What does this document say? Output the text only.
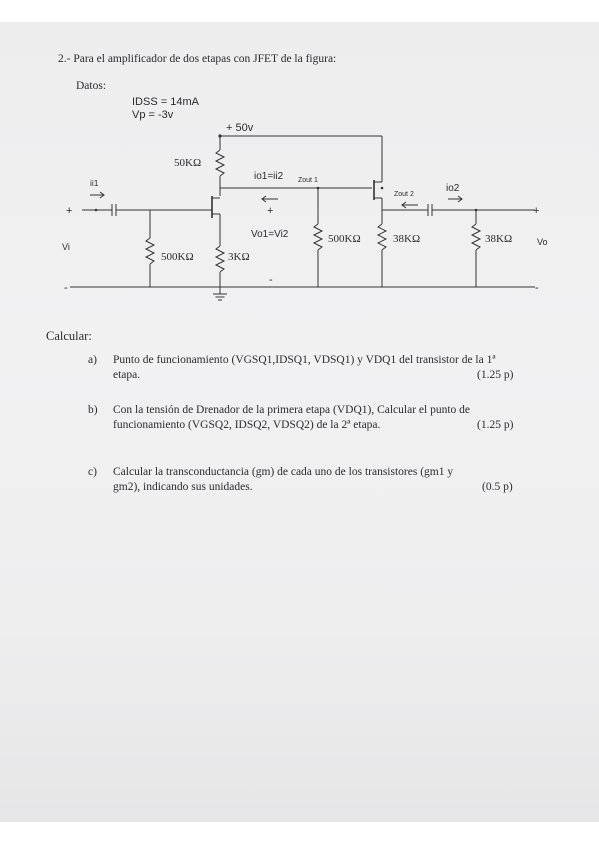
2.- Para el amplificador de dos etapas con JFET de la figura:
Datos:
IDSS = 14mA
Vp = -3v
+ 50v
50KΩ
500KΩ	3KΩ
500KΩ	38KΩ	38KΩ
ii1
io1=ii2 Zout 1
Zout 2
io2
Vo1=Vi2
Vi	Vo
+
-
+
-
+
-
Calcular:
a) Punto de funcionamiento (VGSQ1,IDSQ1, VDSQ1) y VDQ1 del transistor de la 1ª
etapa.	(1.25 p)
b) Con la tensión de Drenador de la primera etapa (VDQ1), Calcular el punto de
funcionamiento (VGSQ2, IDSQ2, VDSQ2) de la 2ª etapa.	(1.25 p)
c) Calcular la transconductancia (gm) de cada uno de los transistores (gm1 y
gm2), indicando sus unidades.	(0.5 p)
